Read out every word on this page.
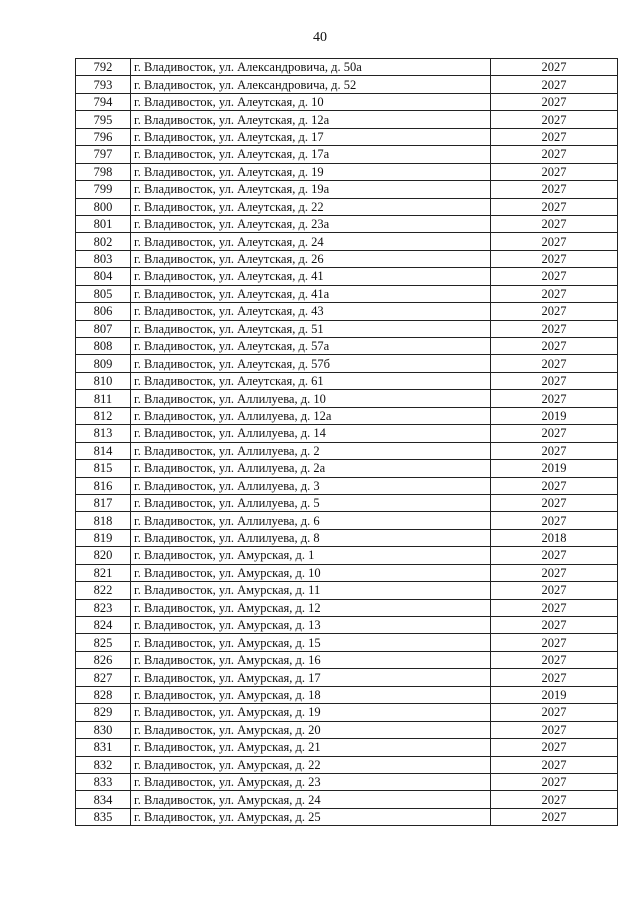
40
792	г. Владивосток, ул. Александровича, д. 50а	2027
793	г. Владивосток, ул. Александровича, д. 52	2027
794	г. Владивосток, ул. Алеутская, д. 10	2027
795	г. Владивосток, ул. Алеутская, д. 12а	2027
796	г. Владивосток, ул. Алеутская, д. 17	2027
797	г. Владивосток, ул. Алеутская, д. 17а	2027
798	г. Владивосток, ул. Алеутская, д. 19	2027
799	г. Владивосток, ул. Алеутская, д. 19а	2027
800	г. Владивосток, ул. Алеутская, д. 22	2027
801	г. Владивосток, ул. Алеутская, д. 23а	2027
802	г. Владивосток, ул. Алеутская, д. 24	2027
803	г. Владивосток, ул. Алеутская, д. 26	2027
804	г. Владивосток, ул. Алеутская, д. 41	2027
805	г. Владивосток, ул. Алеутская, д. 41а	2027
806	г. Владивосток, ул. Алеутская, д. 43	2027
807	г. Владивосток, ул. Алеутская, д. 51	2027
808	г. Владивосток, ул. Алеутская, д. 57а	2027
809	г. Владивосток, ул. Алеутская, д. 57б	2027
810	г. Владивосток, ул. Алеутская, д. 61	2027
811	г. Владивосток, ул. Аллилуева, д. 10	2027
812	г. Владивосток, ул. Аллилуева, д. 12а	2019
813	г. Владивосток, ул. Аллилуева, д. 14	2027
814	г. Владивосток, ул. Аллилуева, д. 2	2027
815	г. Владивосток, ул. Аллилуева, д. 2а	2019
816	г. Владивосток, ул. Аллилуева, д. 3	2027
817	г. Владивосток, ул. Аллилуева, д. 5	2027
818	г. Владивосток, ул. Аллилуева, д. 6	2027
819	г. Владивосток, ул. Аллилуева, д. 8	2018
820	г. Владивосток, ул. Амурская, д. 1	2027
821	г. Владивосток, ул. Амурская, д. 10	2027
822	г. Владивосток, ул. Амурская, д. 11	2027
823	г. Владивосток, ул. Амурская, д. 12	2027
824	г. Владивосток, ул. Амурская, д. 13	2027
825	г. Владивосток, ул. Амурская, д. 15	2027
826	г. Владивосток, ул. Амурская, д. 16	2027
827	г. Владивосток, ул. Амурская, д. 17	2027
828	г. Владивосток, ул. Амурская, д. 18	2019
829	г. Владивосток, ул. Амурская, д. 19	2027
830	г. Владивосток, ул. Амурская, д. 20	2027
831	г. Владивосток, ул. Амурская, д. 21	2027
832	г. Владивосток, ул. Амурская, д. 22	2027
833	г. Владивосток, ул. Амурская, д. 23	2027
834	г. Владивосток, ул. Амурская, д. 24	2027
835	г. Владивосток, ул. Амурская, д. 25	2027
